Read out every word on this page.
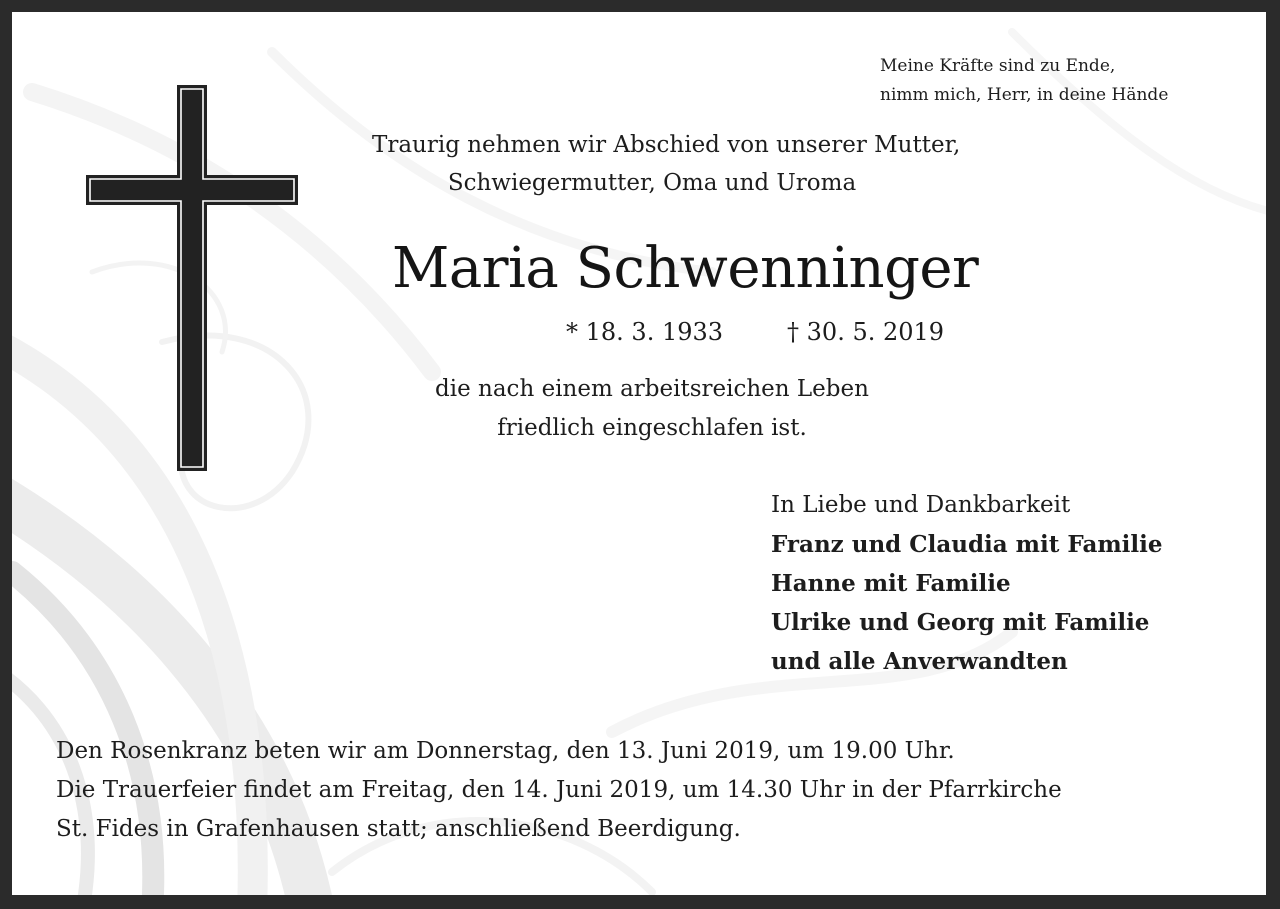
Meine Kräfte sind zu Ende,
nimm mich, Herr, in deine Hände
Traurig nehmen wir Abschied von unserer Mutter,
Schwiegermutter, Oma und Uroma
Maria Schwenninger
* 18. 3. 1933	† 30. 5. 2019
die nach einem arbeitsreichen Leben
friedlich eingeschlafen ist.
In Liebe und Dankbarkeit
Franz und Claudia mit Familie
Hanne mit Familie
Ulrike und Georg mit Familie
und alle Anverwandten
Den Rosenkranz beten wir am Donnerstag, den 13. Juni 2019, um 19.00 Uhr.
Die Trauerfeier findet am Freitag, den 14. Juni 2019, um 14.30 Uhr in der Pfarrkirche
St. Fides in Grafenhausen statt; anschließend Beerdigung.
